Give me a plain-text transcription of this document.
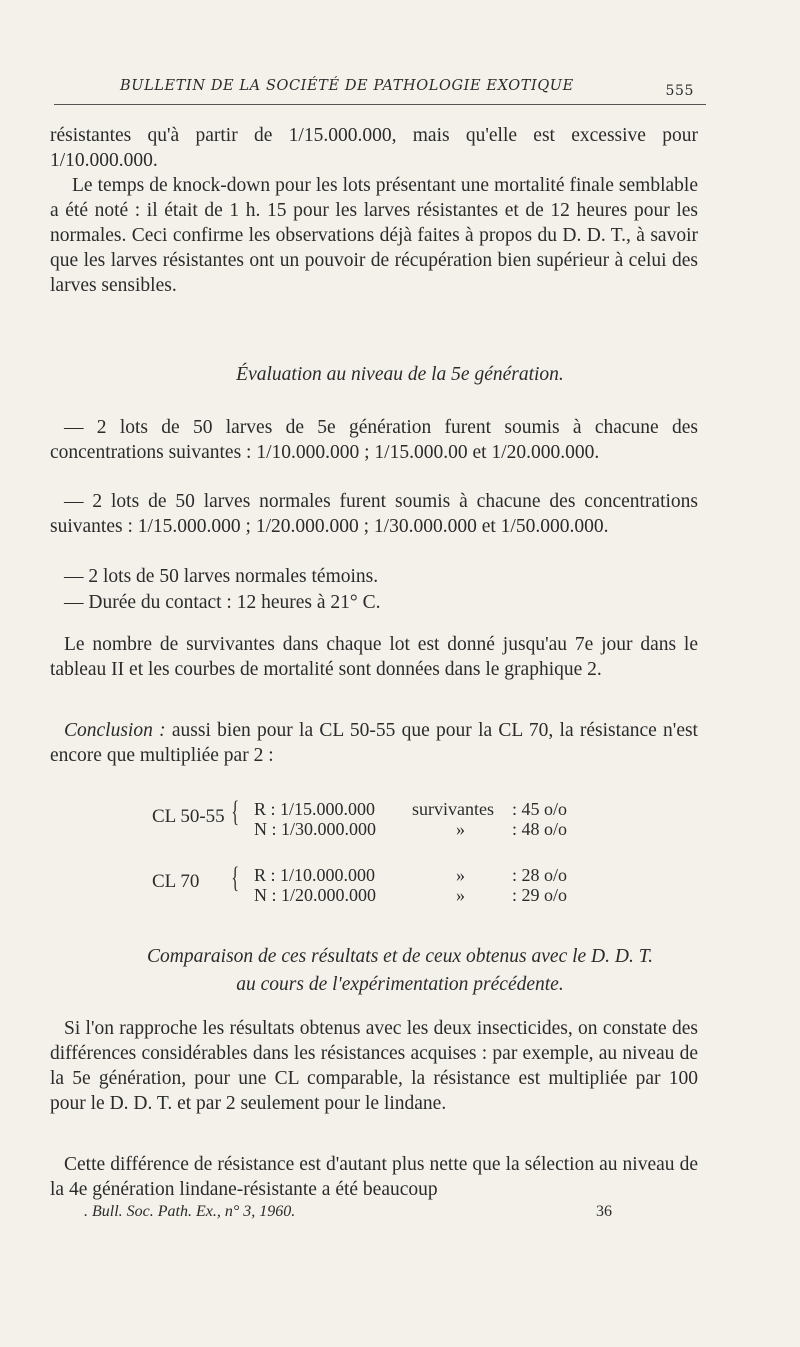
BULLETIN DE LA SOCIÉTÉ DE PATHOLOGIE EXOTIQUE	555
résistantes qu'à partir de 1/15.000.000, mais qu'elle est excessive pour 1/10.000.000.
Le temps de knock-down pour les lots présentant une mortalité finale semblable a été noté : il était de 1 h. 15 pour les larves résistantes et de 12 heures pour les normales. Ceci confirme les observations déjà faites à propos du D. D. T., à savoir que les larves résistantes ont un pouvoir de récupération bien supérieur à celui des larves sensibles.
Évaluation au niveau de la 5e génération.
— 2 lots de 50 larves de 5e génération furent soumis à chacune des concentrations suivantes : 1/10.000.000 ; 1/15.000.00 et 1/20.000.000.
— 2 lots de 50 larves normales furent soumis à chacune des concentrations suivantes : 1/15.000.000 ; 1/20.000.000 ; 1/30.000.000 et 1/50.000.000.
— 2 lots de 50 larves normales témoins.
— Durée du contact : 12 heures à 21° C.
Le nombre de survivantes dans chaque lot est donné jusqu'au 7e jour dans le tableau II et les courbes de mortalité sont données dans le graphique 2.
Conclusion : aussi bien pour la CL 50-55 que pour la CL 70, la résistance n'est encore que multipliée par 2 :
CL 50-55 { R : 1/15.000.000 survivantes : 45 o/o
N : 1/30.000.000	»	: 48 o/o
CL 70 { R : 1/10.000.000	»	: 28 o/o
N : 1/20.000.000	»	: 29 o/o
Comparaison de ces résultats et de ceux obtenus avec le D. D. T.
au cours de l'expérimentation précédente.
Si l'on rapproche les résultats obtenus avec les deux insecticides, on constate des différences considérables dans les résistances acquises : par exemple, au niveau de la 5e génération, pour une CL comparable, la résistance est multipliée par 100 pour le D. D. T. et par 2 seulement pour le lindane.
Cette différence de résistance est d'autant plus nette que la sélection au niveau de la 4e génération lindane-résistante a été beaucoup
. Bull. Soc. Path. Ex., n° 3, 1960.	36
